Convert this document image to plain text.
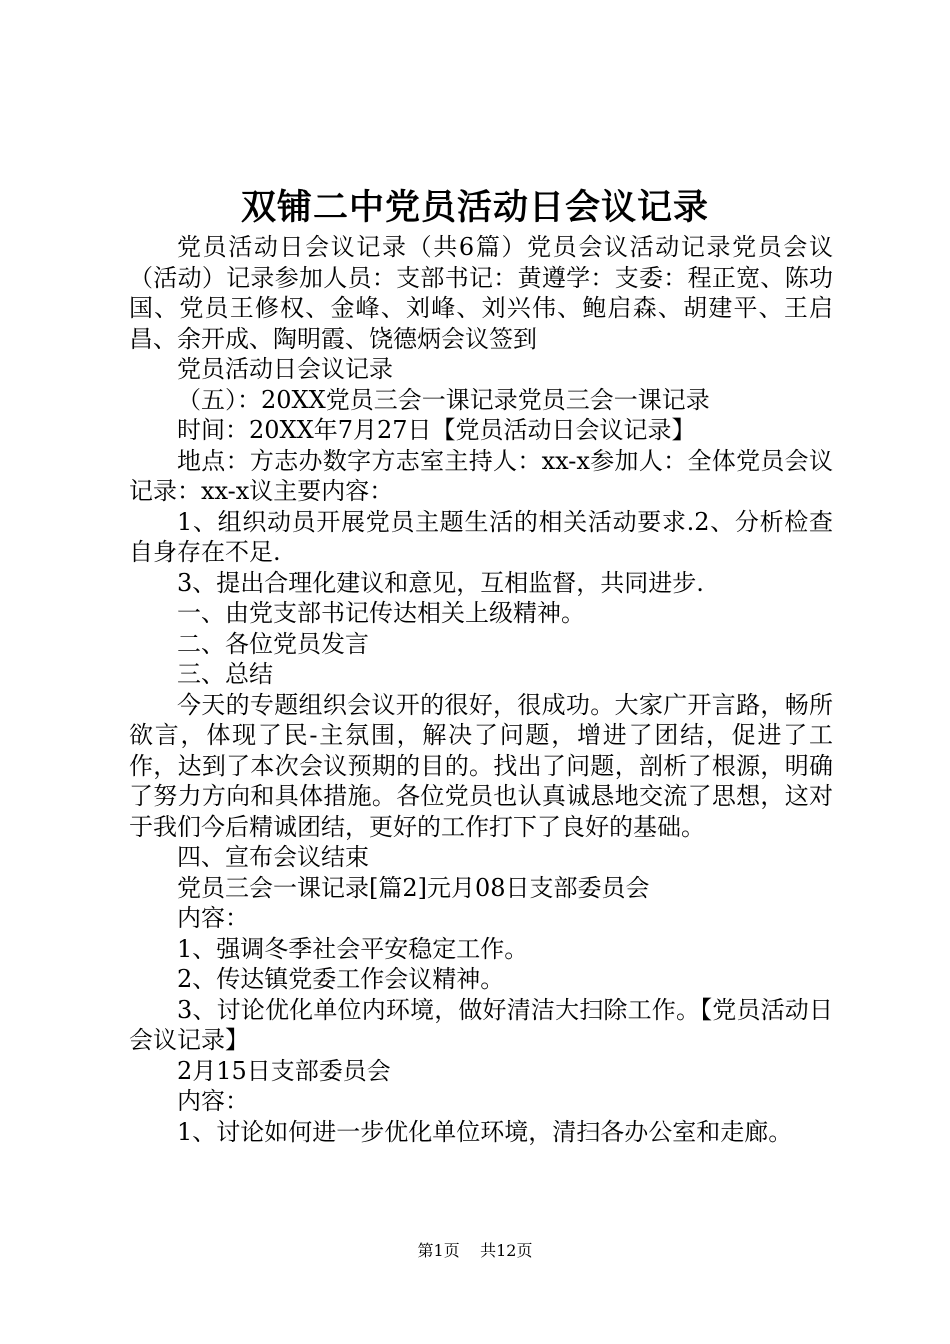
双铺二中党员活动日会议记录

党员活动日会议记录（共6篇）党员会议活动记录党员会议（活动）记录参加人员：支部书记：黄遵学：支委：程正宽、陈功国、党员王修权、金峰、刘峰、刘兴伟、鲍启森、胡建平、王启昌、余开成、陶明霞、饶德炳会议签到

党员活动日会议记录

（五）：20XX党员三会一课记录党员三会一课记录

时间：20XX年7月27日【党员活动日会议记录】

地点：方志办数字方志室主持人：xx-x参加人：全体党员会议记录：xx-x议主要内容：

1、组织动员开展党员主题生活的相关活动要求.2、分析检查自身存在不足.

3、提出合理化建议和意见，互相监督，共同进步.

一、由党支部书记传达相关上级精神。

二、各位党员发言

三、总结

今天的专题组织会议开的很好，很成功。大家广开言路，畅所欲言，体现了民-主氛围，解决了问题，增进了团结，促进了工作，达到了本次会议预期的目的。找出了问题，剖析了根源，明确了努力方向和具体措施。各位党员也认真诚恳地交流了思想，这对于我们今后精诚团结，更好的工作打下了良好的基础。

四、宣布会议结束

党员三会一课记录[篇2]元月08日支部委员会

内容：

1、强调冬季社会平安稳定工作。

2、传达镇党委工作会议精神。

3、讨论优化单位内环境，做好清洁大扫除工作。【党员活动日会议记录】

2月15日支部委员会

内容：

1、讨论如何进一步优化单位环境，清扫各办公室和走廊。

第1页 共12页
